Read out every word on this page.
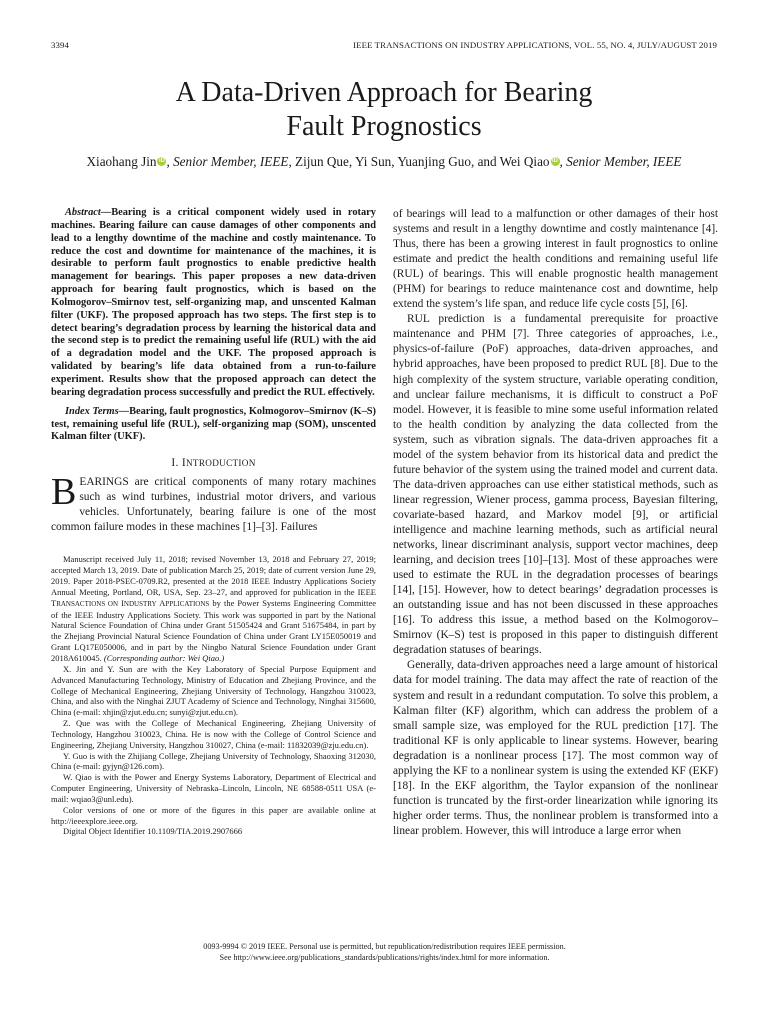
3394	IEEE TRANSACTIONS ON INDUSTRY APPLICATIONS, VOL. 55, NO. 4, JULY/AUGUST 2019
A Data-Driven Approach for Bearing
Fault Prognostics
Xiaohang Jin iD , Senior Member, IEEE, Zijun Que, Yi Sun, Yuanjing Guo, and Wei Qiao iD , Senior Member, IEEE

Abstract—Bearing is a critical component widely used in rotary machines. Bearing failure can cause damages of other components and lead to a lengthy downtime of the machine and costly maintenance. To reduce the cost and downtime for maintenance of the machines, it is desirable to perform fault prognostics to enable predictive health management for bearings. This paper proposes a new data-driven approach for bearing fault prognostics, which is based on the Kolmogorov–Smirnov test, self-organizing map, and unscented Kalman filter (UKF). The proposed approach has two steps. The first step is to detect bearing’s degradation process by learning the historical data and the second step is to predict the remaining useful life (RUL) with the aid of a degradation model and the UKF. The proposed approach is validated by bearing’s life data obtained from a run-to-failure experiment. Results show that the proposed approach can detect the bearing degradation process successfully and predict the RUL effectively.

Index Terms—Bearing, fault prognostics, Kolmogorov–Smirnov (K–S) test, remaining useful life (RUL), self-organizing map (SOM), unscented Kalman filter (UKF).

I. INTRODUCTION

BEARINGS are critical components of many rotary machines such as wind turbines, industrial motor drivers, and various vehicles. Unfortunately, bearing failure is one of the most common failure modes in these machines [1]–[3]. Failures

Manuscript received July 11, 2018; revised November 13, 2018 and February 27, 2019; accepted March 13, 2019. Date of publication March 25, 2019; date of current version June 29, 2019. Paper 2018-PSEC-0709.R2, presented at the 2018 IEEE Industry Applications Society Annual Meeting, Portland, OR, USA, Sep. 23–27, and approved for publication in the IEEE TRANSACTIONS ON INDUSTRY APPLICATIONS by the Power Systems Engineering Committee of the IEEE Industry Applications Society. This work was supported in part by the National Natural Science Foundation of China under Grant 51505424 and Grant 51675484, in part by the Zhejiang Provincial Natural Science Foundation of China under Grant LY15E050019 and Grant LQ17E050006, and in part by the Ningbo Natural Science Foundation under Grant 2018A610045. (Corresponding author: Wei Qiao.)

X. Jin and Y. Sun are with the Key Laboratory of Special Purpose Equipment and Advanced Manufacturing Technology, Ministry of Education and Zhejiang Province, and the College of Mechanical Engineering, Zhejiang University of Technology, Hangzhou 310023, China, and also with the Ninghai ZJUT Academy of Science and Technology, Ninghai 315600, China (e-mail: xhjin@zjut.edu.cn; sunyi@zjut.edu.cn).

Z. Que was with the College of Mechanical Engineering, Zhejiang University of Technology, Hangzhou 310023, China. He is now with the College of Control Science and Engineering, Zhejiang University, Hangzhou 310027, China (e-mail: 11832039@zju.edu.cn).

Y. Guo is with the Zhijiang College, Zhejiang University of Technology, Shaoxing 312030, China (e-mail: gyjyn@126.com).

W. Qiao is with the Power and Energy Systems Laboratory, Department of Electrical and Computer Engineering, University of Nebraska–Lincoln, Lincoln, NE 68588-0511 USA (e-mail: wqiao3@unl.edu).

Color versions of one or more of the figures in this paper are available online at http://ieeexplore.ieee.org.

Digital Object Identifier 10.1109/TIA.2019.2907666

of bearings will lead to a malfunction or other damages of their host systems and result in a lengthy downtime and costly maintenance [4]. Thus, there has been a growing interest in fault prognostics to online estimate and predict the health conditions and remaining useful life (RUL) of bearings. This will enable prognostic health management (PHM) for bearings to reduce maintenance cost and downtime, help extend the system’s life span, and reduce life cycle costs [5], [6].

RUL prediction is a fundamental prerequisite for proactive maintenance and PHM [7]. Three categories of approaches, i.e., physics-of-failure (PoF) approaches, data-driven approaches, and hybrid approaches, have been proposed to predict RUL [8]. Due to the high complexity of the system structure, variable operating condition, and unclear failure mechanisms, it is difficult to construct a PoF model. However, it is feasible to mine some useful information related to the health condition by analyzing the data collected from the system, such as vibration signals. The data-driven approaches fit a model of the system behavior from its historical data and predict the future behavior of the system using the trained model and current data. The data-driven approaches can use either statistical methods, such as linear regression, Wiener process, gamma process, Bayesian filtering, covariate-based hazard, and Markov model [9], or artificial intelligence and machine learning methods, such as artificial neural networks, linear discriminant analysis, support vector machines, deep learning, and decision trees [10]–[13]. Most of these approaches were used to estimate the RUL in the degradation processes of bearings [14], [15]. However, how to detect bearings’ degradation processes is an outstanding issue and has not been discussed in these approaches [16]. To address this issue, a method based on the Kolmogorov–Smirnov (K–S) test is proposed in this paper to distinguish different degradation statuses of bearings.

Generally, data-driven approaches need a large amount of historical data for model training. The data may affect the rate of reaction of the system and result in a redundant computation. To solve this problem, a Kalman filter (KF) algorithm, which can address the problem of a small sample size, was employed for the RUL prediction [17]. The traditional KF is only applicable to linear systems. However, bearing degradation is a nonlinear process [17]. The most common way of applying the KF to a nonlinear system is using the extended KF (EKF) [18]. In the EKF algorithm, the Taylor expansion of the nonlinear function is truncated by the first-order linearization while ignoring its higher order terms. Thus, the nonlinear problem is transformed into a linear problem. However, this will introduce a large error when

0093-9994 © 2019 IEEE. Personal use is permitted, but republication/redistribution requires IEEE permission.
See http://www.ieee.org/publications_standards/publications/rights/index.html for more information.
